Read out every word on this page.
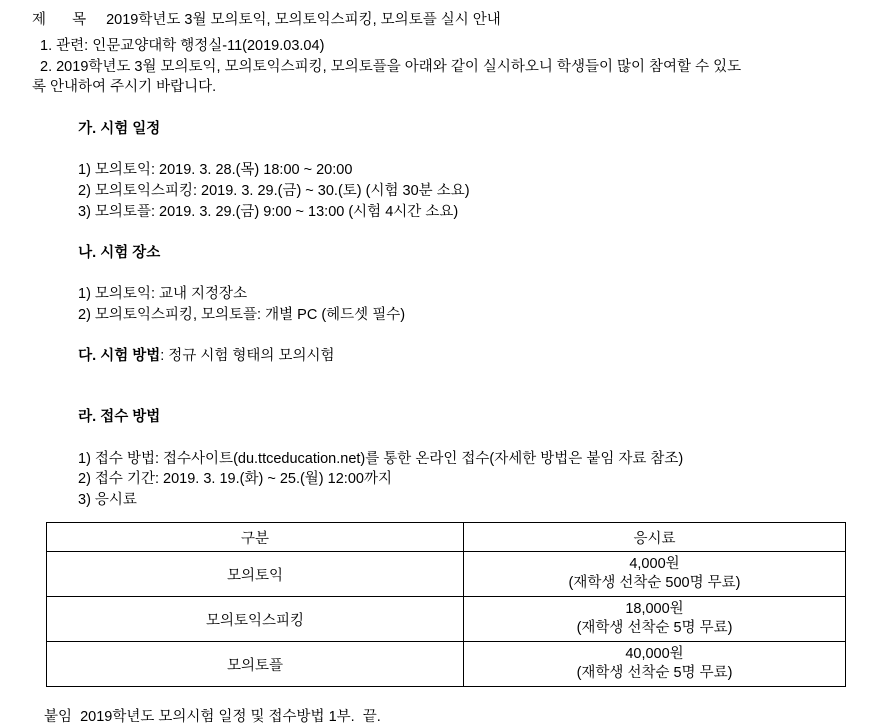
제  목 2019학년도 3월 모의토익, 모의토익스피킹, 모의토플 실시 안내
1. 관련: 인문교양대학 행정실-11(2019.03.04)
2. 2019학년도 3월 모의토익, 모의토익스피킹, 모의토플을 아래와 같이 실시하오니 학생들이 많이 참여할 수 있도
록 안내하여 주시기 바랍니다.

가. 시험 일정

1) 모의토익: 2019. 3. 28.(목) 18:00 ~ 20:00
2) 모의토익스피킹: 2019. 3. 29.(금) ~ 30.(토) (시험 30분 소요)
3) 모의토플: 2019. 3. 29.(금) 9:00 ~ 13:00 (시험 4시간 소요)

나. 시험 장소

1) 모의토익: 교내 지정장소
2) 모의토익스피킹, 모의토플: 개별 PC (헤드셋 필수)

다. 시험 방법: 정규 시험 형태의 모의시험

라. 접수 방법

1) 접수 방법: 접수사이트(du.ttceducation.net)를 통한 온라인 접수(자세한 방법은 붙임 자료 참조)
2) 접수 기간: 2019. 3. 19.(화) ~ 25.(월) 12:00까지
3) 응시료
구분	응시료
모의토익	4,000원
(재학생 선착순 500명 무료)

모의토익스피킹	18,000원
(재학생 선착순 5명 무료)

모의토플	40,000원
(재학생 선착순 5명 무료)
붙임  2019학년도 모의시험 일정 및 접수방법 1부.  끝.
